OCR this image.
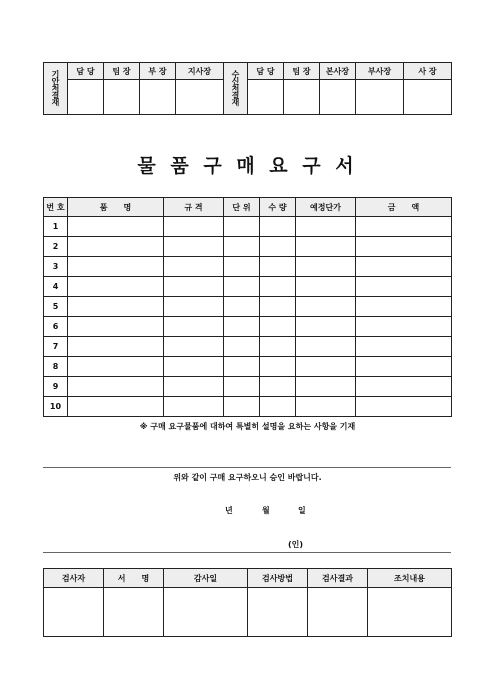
기안처결재	담 당	팀 장	부 장	지사장	수신처결재	담 당	팀 장	본사장	부사장	사 장

물 품 구 매 요 구 서
번 호	품　　명	규 격	단 위	수 량	예정단가	금　　액
1						
2						
3						
4						
5						
6						
7						
8						
9						
10						
※ 구매 요구물품에 대하여 특별히 설명을 요하는 사항을 기재
위와 같이 구매 요구하오니 승인 바랍니다.
년	월	일
(인)
검사자	서　　명	감사일	검사방법	검사결과	조치내용
